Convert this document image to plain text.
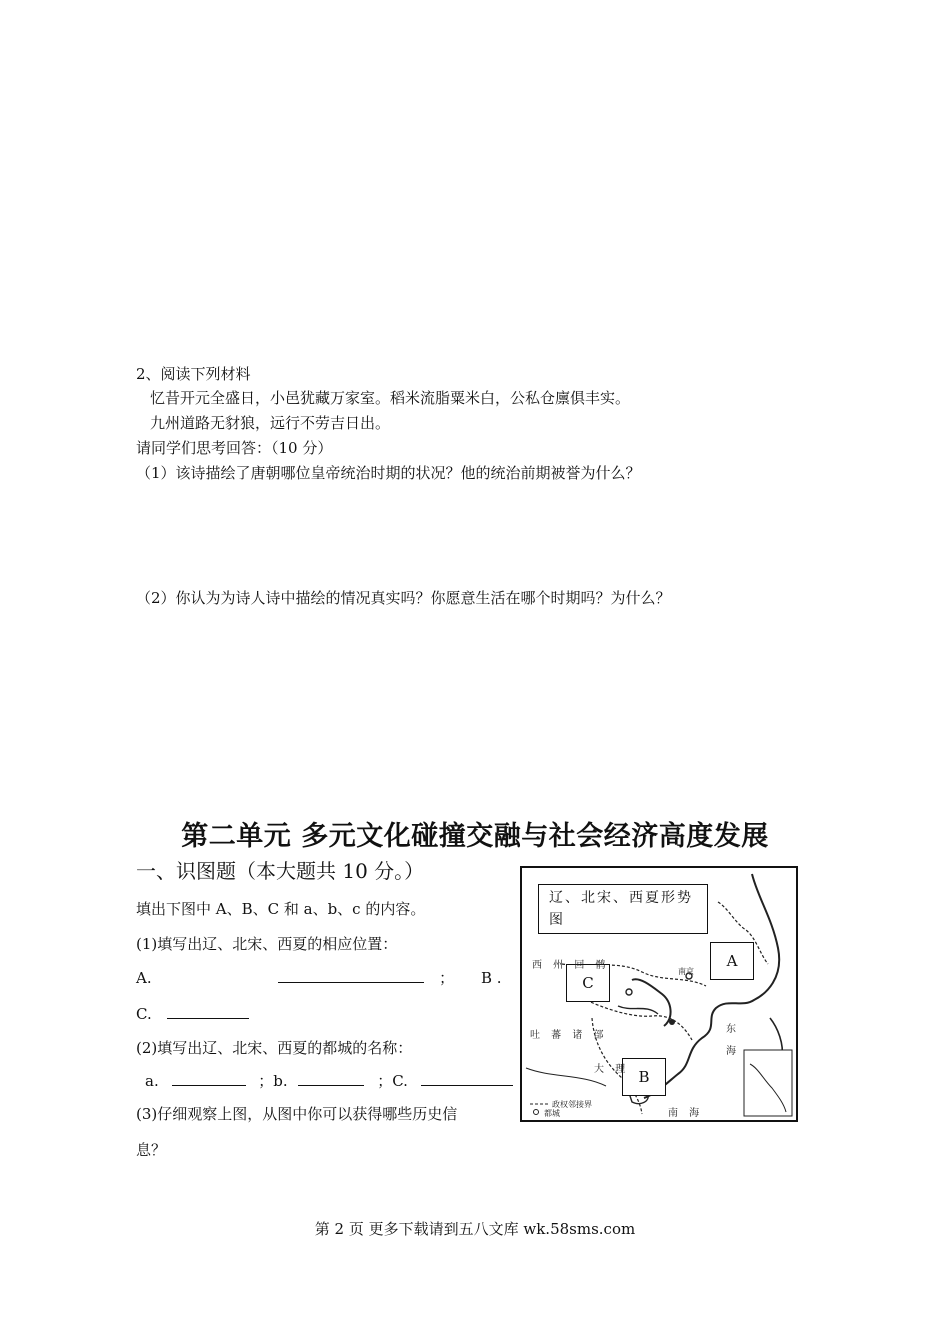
2、阅读下列材料
忆昔开元全盛日，小邑犹藏万家室。稻米流脂粟米白，公私仓廪俱丰实。
九州道路无豺狼，远行不劳吉日出。
请同学们思考回答：（10 分）
（1）该诗描绘了唐朝哪位皇帝统治时期的状况？他的统治前期被誉为什么？
（2）你认为为诗人诗中描绘的情况真实吗？你愿意生活在哪个时期吗？为什么？
第二单元 多元文化碰撞交融与社会经济高度发展
一、识图题（本大题共 10 分。）
填出下图中 A、B、C 和 a、b、c 的内容。
(1)填写出辽、北宋、西夏的相应位置：
A.	； B .
C.
(2)填写出辽、北宋、西夏的都城的名称：
a.	；b.	；C.
(3)仔细观察上图，从图中你可以获得哪些历史信
息？
辽、北宋、西夏形势图
A
C
B
西 州 回 鹘
吐 蕃 诸 部
大 理
海
东
南 海
南京
政权邻接界
都城
第 2 页 更多下载请到五八文库 wk.58sms.com
